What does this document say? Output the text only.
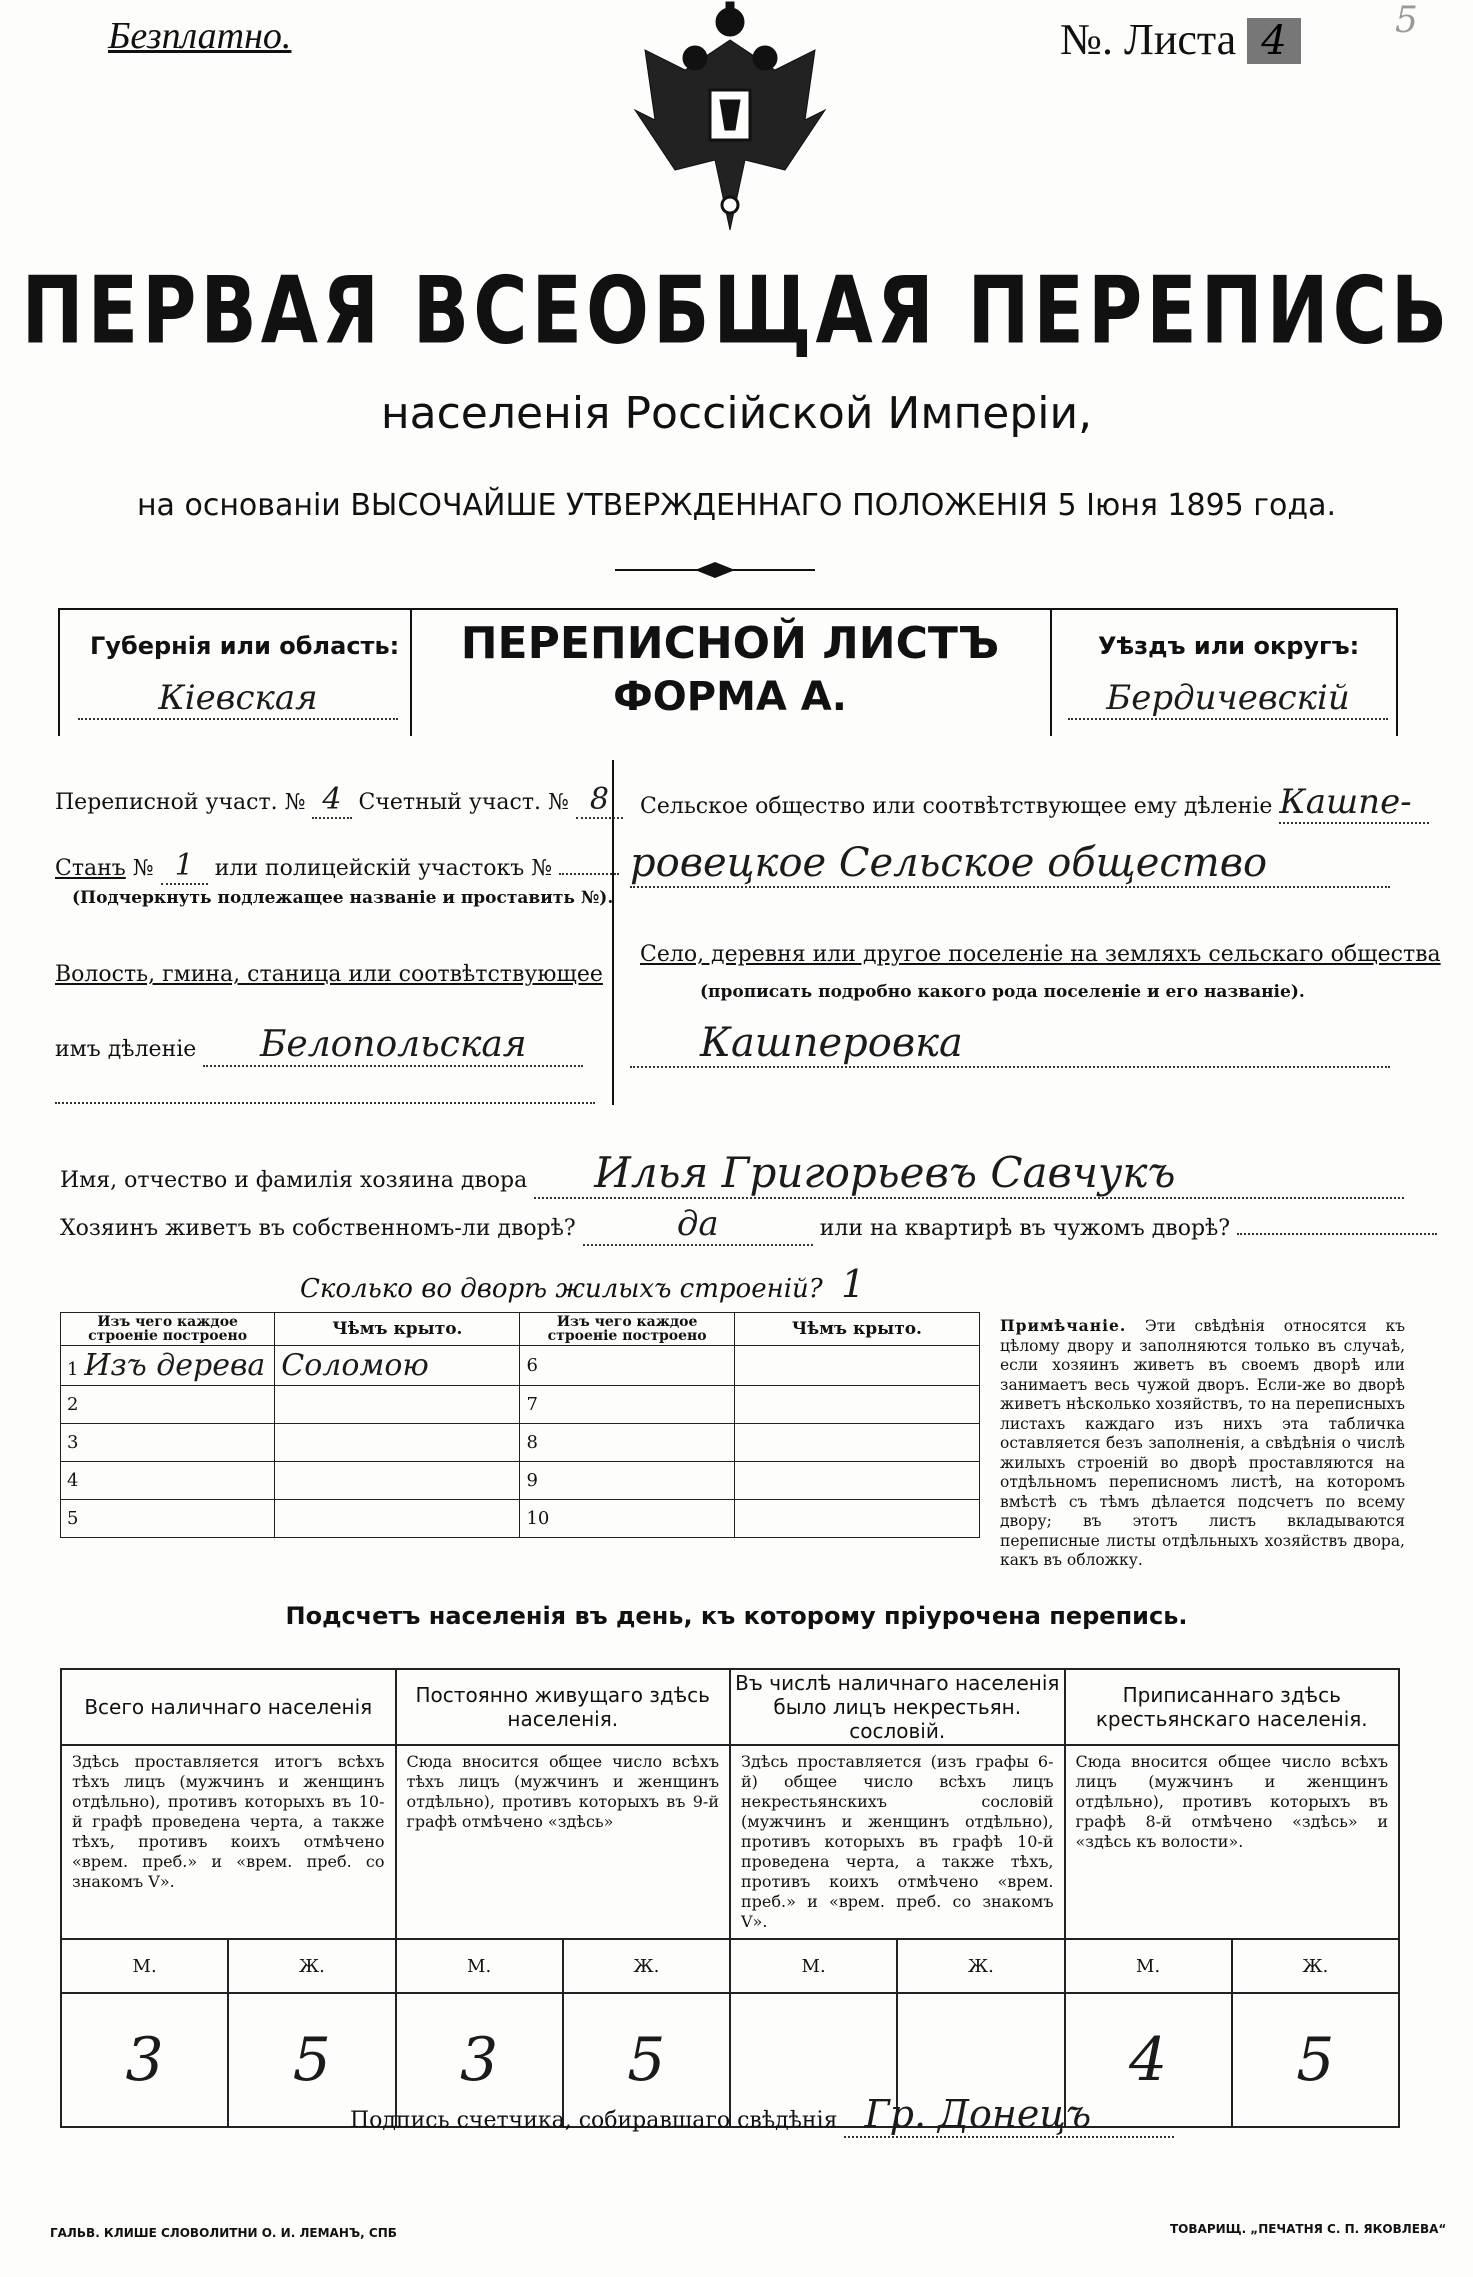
Безплатно.	№. Листа 4	5
ПЕРВАЯ ВСЕОБЩАЯ ПЕРЕПИСЬ
населенія Россійской Имперіи,
на основаніи ВЫСОЧАЙШЕ УТВЕРЖДЕННАГО ПОЛОЖЕНІЯ 5 Іюня 1895 года.
Губернія или область:
Кіевская
ПЕРЕПИСНОЙ ЛИСТЪ
ФОРМА А.
Уѣздъ или округъ:
Бердичевскій
Переписной участ. № 4 Счетный участ. № 8
Станъ № 1 или полицейскій участокъ №
(Подчеркнуть подлежащее названіе и проставить №).
Волость, гмина, станица или соотвѣтствующее
имъ дѣленіе Белопольская
Сельское общество или соотвѣтствующее ему дѣленіе Кашпе-
ровецкое Сельское общество
Село, деревня или другое поселеніе на земляхъ сельскаго общества
(прописать подробно какого рода поселеніе и его названіе).
Кашперовка
Имя, отчество и фамилія хозяина двора Илья Григорьевъ Савчукъ
Хозяинъ живетъ въ собственномъ-ли дворѣ?	да	или на квартирѣ въ чужомъ дворѣ?
Сколько во дворѣ жилыхъ строеній? 1
Изъ чего каждое строеніе построено	Чѣмъ крыто.	Изъ чего каждое строеніе построено	Чѣмъ крыто.
1 Изъ дерева	Соломою	6	
2		7	
3		8	
4		9	
5		10	
Примѣчаніе. Эти свѣдѣнія относятся къ цѣлому двору и заполняются только въ случаѣ, если хозяинъ живетъ въ своемъ дворѣ или занимаетъ весь чужой дворъ. Если-же во дворѣ живетъ нѣсколько хозяйствъ, то на переписныхъ листахъ каждаго изъ нихъ эта табличка оставляется безъ заполненія, а свѣдѣнія о числѣ жилыхъ строеній во дворѣ проставляются на отдѣльномъ переписномъ листѣ, на которомъ вмѣстѣ съ тѣмъ дѣлается подсчетъ по всему двору; въ этотъ листъ вкладываются переписные листы отдѣльныхъ хозяйствъ двора, какъ въ обложку.
Подсчетъ населенія въ день, къ которому пріурочена перепись.
Всего наличнаго населенія		Постоянно живущаго здѣсь населенія.		Въ числѣ наличнаго населенія было лицъ некрестьян. сословій.		Приписаннаго здѣсь крестьянскаго населенія.	
Здѣсь проставляется итогъ всѣхъ тѣхъ лицъ (мужчинъ и женщинъ отдѣльно), противъ которыхъ въ 10-й графѣ проведена черта, а также тѣхъ, противъ коихъ отмѣчено «врем. преб.» и «врем. преб. со знакомъ V».		Сюда вносится общее число всѣхъ тѣхъ лицъ (мужчинъ и женщинъ отдѣльно), противъ которыхъ въ 9-й графѣ отмѣчено «здѣсь»		Здѣсь проставляется (изъ графы 6-й) общее число всѣхъ лицъ некрестьянскихъ сословій (мужчинъ и женщинъ отдѣльно), противъ которыхъ въ графѣ 10-й проведена черта, а также тѣхъ, противъ коихъ отмѣчено «врем. преб.» и «врем. преб. со знакомъ V».		Сюда вносится общее число всѣхъ лицъ (мужчинъ и женщинъ отдѣльно), противъ которыхъ въ графѣ 8-й отмѣчено «здѣсь» и «здѣсь къ волости».	
М.	Ж.	М.	Ж.	М.	Ж.	М.	Ж.
3	5	3	5			4	5
Подпись счетчика, собиравшаго свѣдѣнія Гр. Донецъ
ГАЛЬВ. КЛИШЕ СЛОВОЛИТНИ О. И. ЛЕМАНЪ, СПБ	ТОВАРИЩ. „ПЕЧАТНЯ С. П. ЯКОВЛЕВА“
